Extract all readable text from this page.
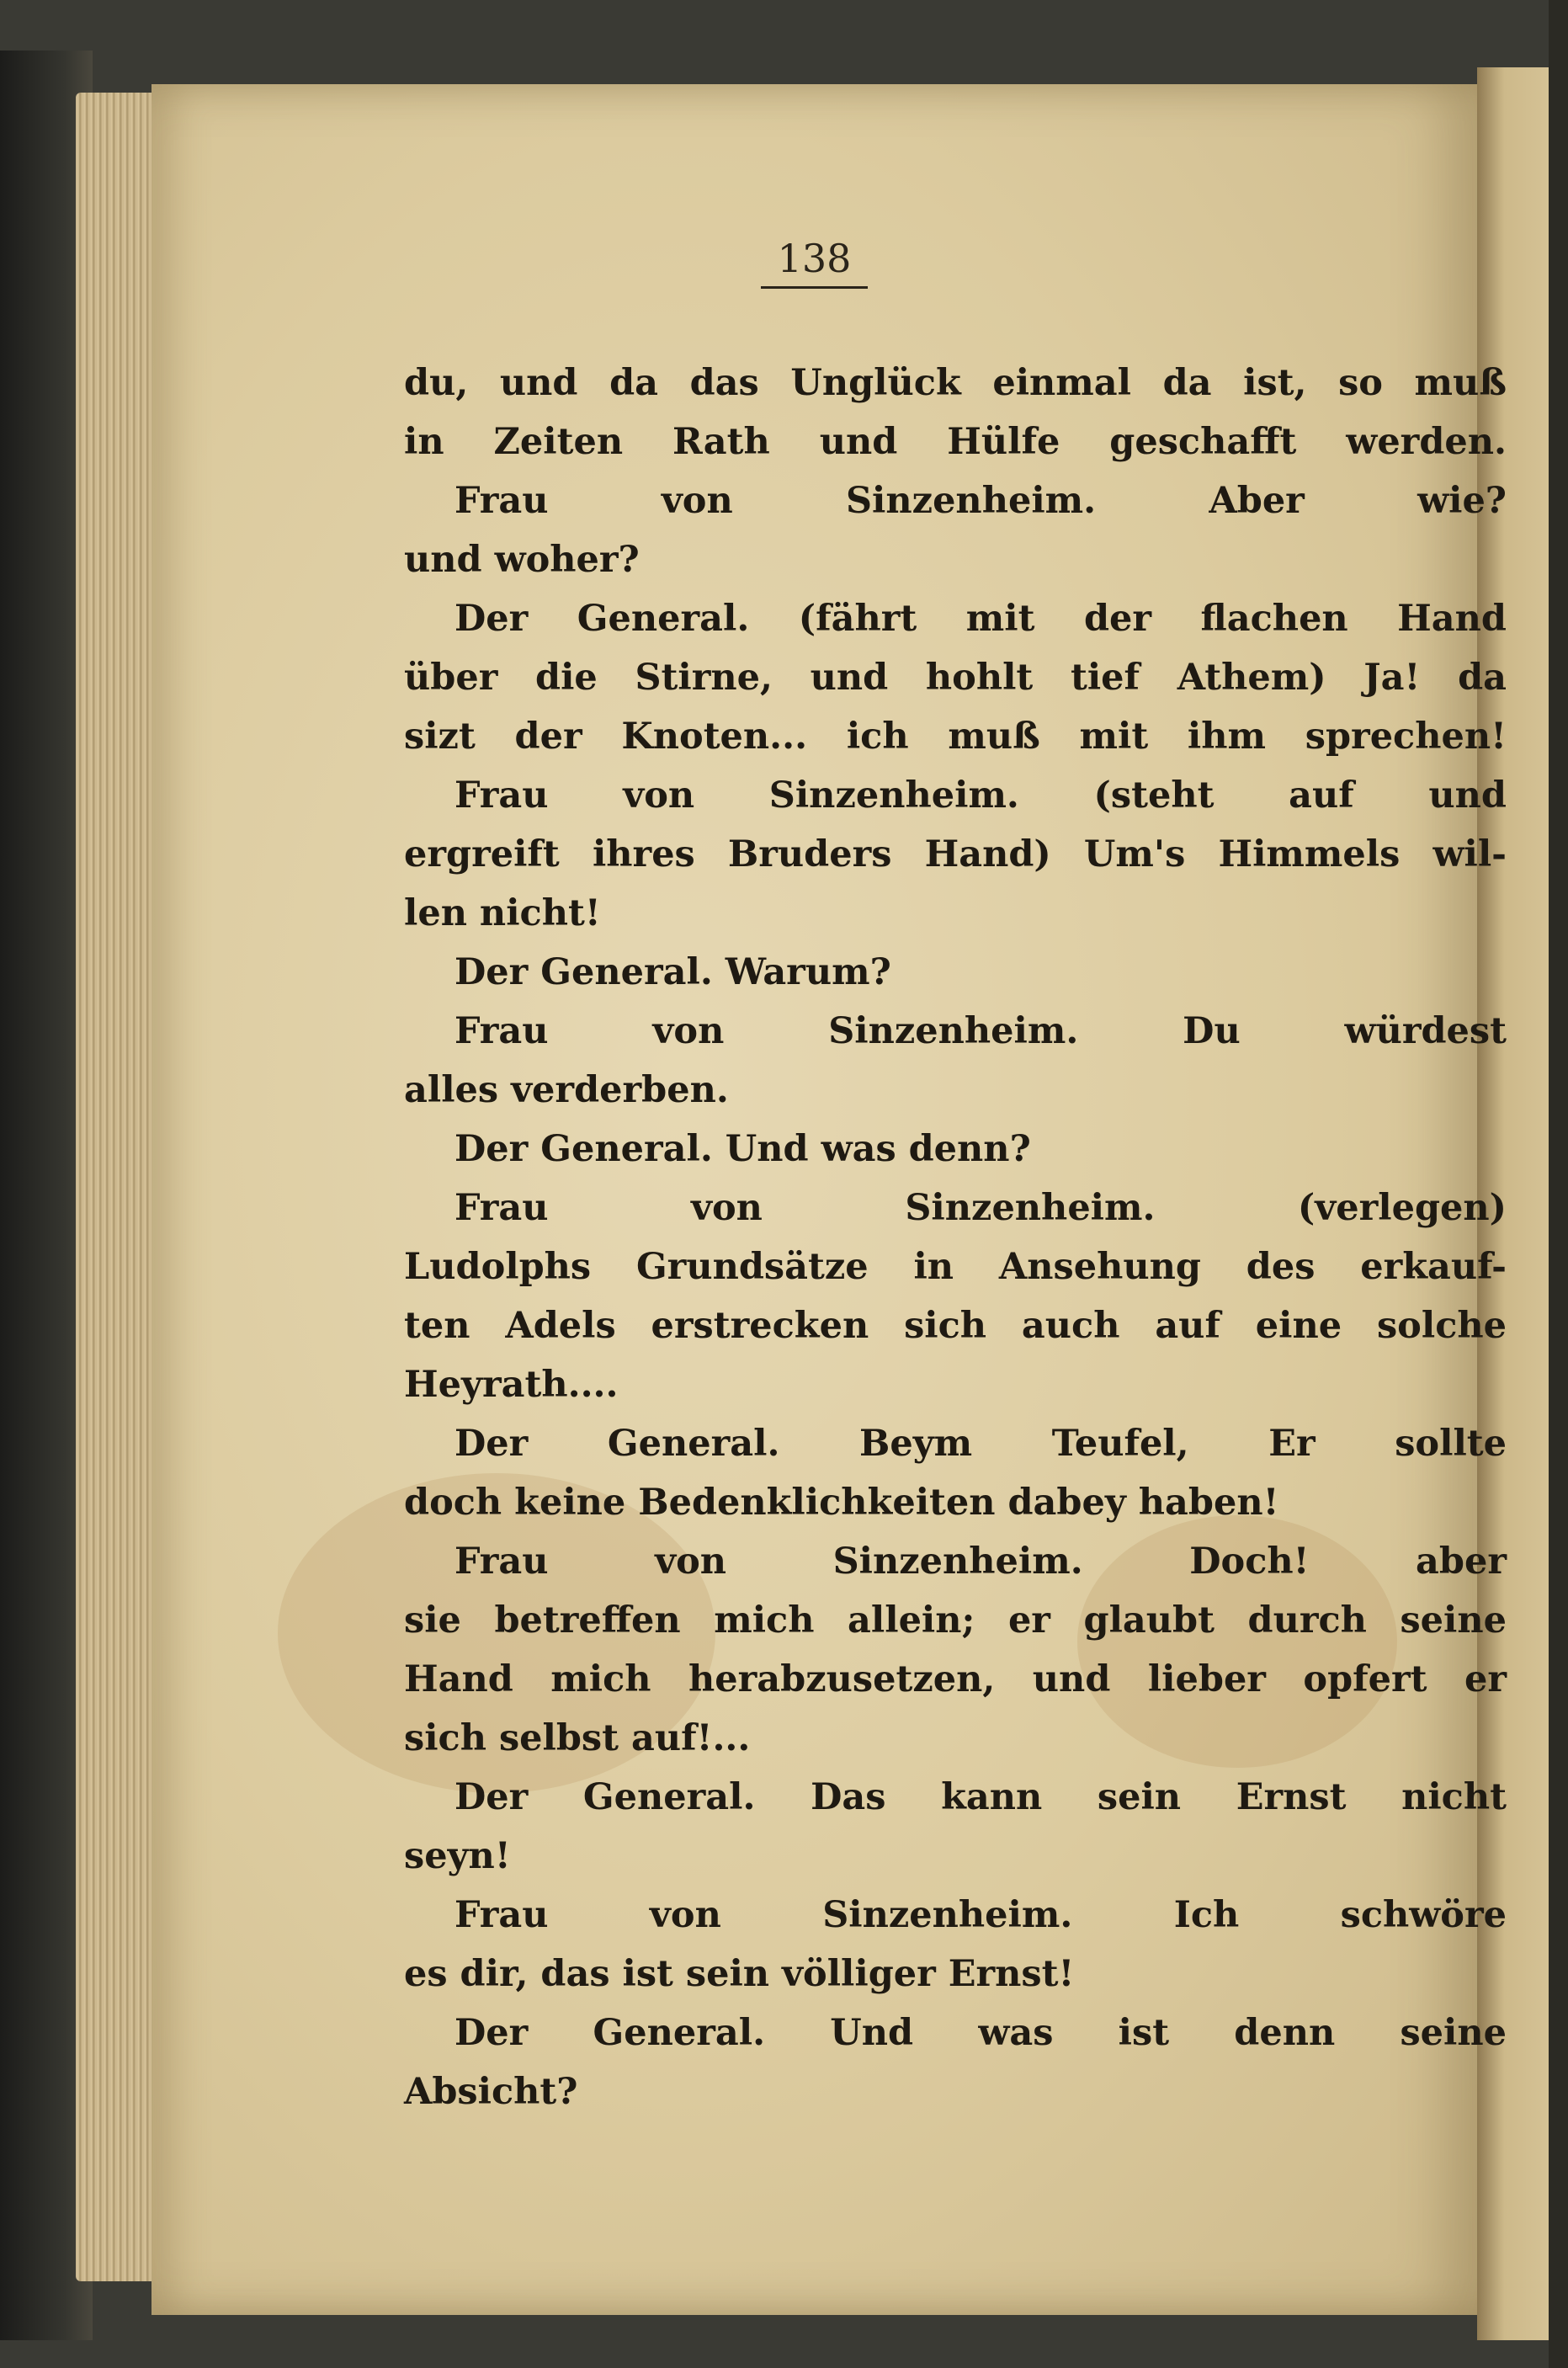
138
du, und da das Unglück einmal da ist, so muß
in Zeiten Rath und Hülfe geschafft werden.
Frau von Sinzenheim. Aber wie?
und woher?
Der General. (fährt mit der flachen Hand
über die Stirne, und hohlt tief Athem) Ja! da
sizt der Knoten... ich muß mit ihm sprechen!
Frau von Sinzenheim. (steht auf und
ergreift ihres Bruders Hand) Um's Himmels wil-
len nicht!
Der General. Warum?
Frau von Sinzenheim. Du würdest
alles verderben.
Der General. Und was denn?
Frau von Sinzenheim. (verlegen)
Ludolphs Grundsätze in Ansehung des erkauf-
ten Adels erstrecken sich auch auf eine solche
Heyrath....
Der General. Beym Teufel, Er sollte
doch keine Bedenklichkeiten dabey haben!
Frau von Sinzenheim. Doch! aber
sie betreffen mich allein; er glaubt durch seine
Hand mich herabzusetzen, und lieber opfert er
sich selbst auf!...
Der General. Das kann sein Ernst nicht
seyn!
Frau von Sinzenheim. Ich schwöre
es dir, das ist sein völliger Ernst!
Der General. Und was ist denn seine
Absicht?
